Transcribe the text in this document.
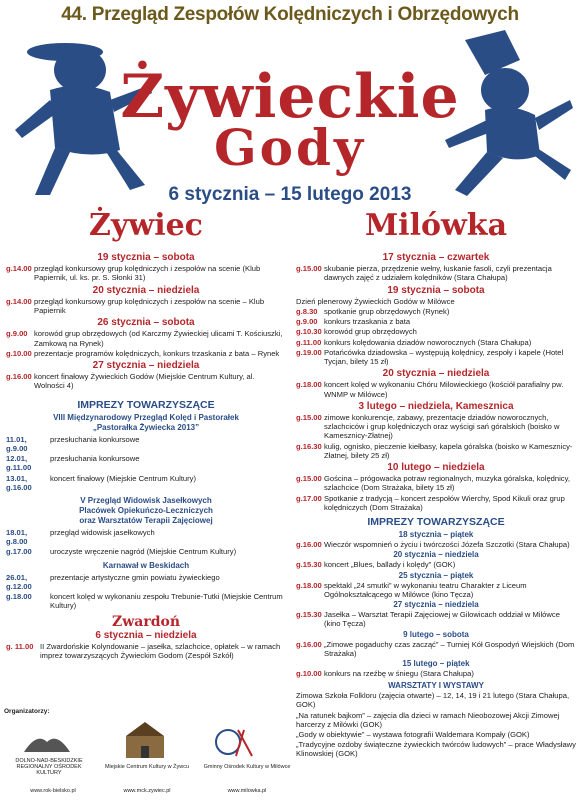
44. Przegląd Zespołów Kolędniczych i Obrzędowych
Żywieckie
Gody
6 stycznia – 15 lutego 2013
Żywiec	Milówka
19 stycznia – sobota
g.14.00 przegląd konkursowy grup kolędniczych i zespołów na scenie (Klub Papiernik, ul. ks. pr. S. Słonki 31)
20 stycznia – niedziela
g.14.00 przegląd konkursowy grup kolędniczych i zespołów na scenie – Klub Papiernik
26 stycznia – sobota
g.9.00 korowód grup obrzędowych (od Karczmy Żywieckiej ulicami T. Kościuszki, Zamkową na Rynek)
g.10.00 prezentacje programów kolędniczych, konkurs trzaskania z bata – Rynek
27 stycznia – niedziela
g.16.00 koncert finałowy Żywieckich Godów (Miejskie Centrum Kultury, al. Wolności 4)
IMPREZY TOWARZYSZĄCE
VIII Międzynarodowy Przegląd Kolęd i Pastorałek
„Pastorałka Żywiecka 2013”
11.01, g.9.00
przesłuchania konkursowe
12.01, g.11.00
przesłuchania konkursowe
13.01, g.16.00
koncert finałowy (Miejskie Centrum Kultury)
V Przegląd Widowisk Jasełkowych
Placówek Opiekuńczo-Leczniczych
oraz Warsztatów Terapii Zajęciowej
18.01, g.8.00
przegląd widowisk jasełkowych
g.17.00	uroczyste wręczenie nagród (Miejskie Centrum Kultury)
Karnawał w Beskidach
26.01, g.12.00
prezentacje artystyczne gmin powiatu żywieckiego
g.18.00	koncert kolęd w wykonaniu zespołu Trebunie-Tutki (Miejskie Centrum Kultury)
Zwardoń
6 stycznia – niedziela
g. 11.00 II Zwardońskie Kolyndowanie – jasełka, szlachcice, opłatek – w ramach imprez towarzyszących Żywieckim Godom (Zespół Szkół)
Organizatorzy:
DOLNO-NAD-BESKIDZKIE REGIONALNY OŚRODEK KULTURY
Miejskie Centrum Kultury w Żywcu	Gminny Ośrodek Kultury w Milówce
www.rok-bielsko.pl	www.mck.zywiec.pl	www.milowka.pl
17 stycznia – czwartek
g.15.00 skubanie pierza, przędzenie wełny, łuskanie fasoli, czyli prezentacja dawnych zajęć z udziałem kolędników (Stara Chałupa)
19 stycznia – sobota
Dzień plenerowy Żywieckich Godów w Milówce
g.8.30 spotkanie grup obrzędowych (Rynek)
g.9.00 konkurs trzaskania z bata
g.10.30 korowód grup obrzędowych
g.11.00 konkurs kolędowania dziadów noworocznych (Stara Chałupa)
g.19.00 Potańcówka dziadowska – występują kolędnicy, zespoły i kapele (Hotel Tycjan, bilety 15 zł)
20 stycznia – niedziela
g.18.00 koncert kolęd w wykonaniu Chóru Milowieckiego (kościół parafialny pw. WNMP w Milówce)
3 lutego – niedziela, Kamesznica
g.15.00 zimowe konkurencje, zabawy, prezentacje dziadów noworocznych, szlachciców i grup kolędniczych oraz wyścigi sań góralskich (boisko w Kamesznicy-Złatnej)
g.16.30 kulig, ognisko, pieczenie kiełbasy, kapela góralska (boisko w Kamesznicy-Złatnej, bilety 25 zł)
10 lutego – niedziela
g.15.00 Gościna – prógowacka potraw regionalnych, muzyka góralska, kolędnicy, szlachcice (Dom Strażaka, bilety 15 zł)
g.17.00 Spotkanie z tradycją – koncert zespołów Wierchy, Spod Kikuli oraz grup kolędniczych (Dom Strażaka)
IMPREZY TOWARZYSZĄCE
18 stycznia – piątek
g.16.00 Wieczór wspomnień o życiu i twórczości Józefa Szczotki (Stara Chałupa)
20 stycznia – niedziela
g.15.30 koncert „Blues, ballady i kolędy” (GOK)
25 stycznia – piątek
g.18.00 spektakl „24 smutki” w wykonaniu teatru Charakter z Liceum Ogólnokształcącego w Milówce (kino Tęcza)
27 stycznia – niedziela
g.15.30 Jasełka – Warsztat Terapii Zajęciowej w Gilowicach oddział w Milówce (kino Tęcza)
9 lutego – sobota
g.16.00 „Zimowe pogaduchy czas zacząć” – Turniej Kół Gospodyń Wiejskich (Dom Strażaka)
15 lutego – piątek
g.10.00 konkurs na rzeźbę w śniegu (Stara Chałupa)
WARSZTATY I WYSTAWY
Zimowa Szkoła Folkloru (zajęcia otwarte) – 12, 14, 19 i 21 lutego (Stara Chałupa, GOK)
„Na ratunek bajkom” – zajęcia dla dzieci w ramach Nieobozowej Akcji Zimowej harcerzy z Milówki (GOK)
„Gody w obiektywie” – wystawa fotografii Waldemara Kompały (GOK)
„Tradycyjne ozdoby świąteczne żywieckich twórców ludowych” – prace Władysławy Klinowskiej (GOK)
